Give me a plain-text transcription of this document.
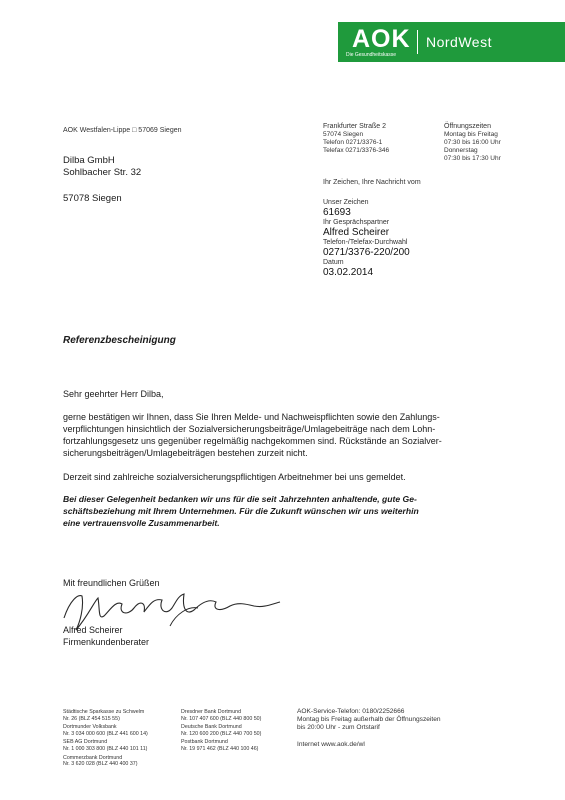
AOK
Die Gesundheitskasse
NordWest
AOK Westfalen-Lippe □ 57069 Siegen
Frankfurter Straße 2
57074 Siegen
Telefon 0271/3376-1
Telefax 0271/3376-346
Öffnungszeiten
Montag bis Freitag
07:30 bis 16:00 Uhr
Donnerstag
07:30 bis 17:30 Uhr
Dilba GmbH
Sohlbacher Str. 32
57078 Siegen
Ihr Zeichen, Ihre Nachricht vom
Unser Zeichen
61693
Ihr Gesprächspartner
Alfred Scheirer
Telefon-/Telefax-Durchwahl
0271/3376-220/200
Datum
03.02.2014
Referenzbescheinigung
Sehr geehrter Herr Dilba,
gerne bestätigen wir Ihnen, dass Sie Ihren Melde- und Nachweispflichten sowie den Zahlungs-
verpflichtungen hinsichtlich der Sozialversicherungsbeiträge/Umlagebeiträge nach dem Lohn-
fortzahlungsgesetz uns gegenüber regelmäßig nachgekommen sind. Rückstände an Sozialver-
sicherungsbeiträgen/Umlagebeiträgen bestehen zurzeit nicht.
Derzeit sind zahlreiche sozialversicherungspflichtigen Arbeitnehmer bei uns gemeldet.
Bei dieser Gelegenheit bedanken wir uns für die seit Jahrzehnten anhaltende, gute Ge-
schäftsbeziehung mit Ihrem Unternehmen. Für die Zukunft wünschen wir uns weiterhin
eine vertrauensvolle Zusammenarbeit.
Mit freundlichen Grüßen
Alfred Scheirer
Firmenkundenberater
Städtische Sparkasse zu Schwelm
Nr. 26 (BLZ 454 515 55)
Dortmunder Volksbank
Nr. 3 034 000 600 (BLZ 441 600 14)
SEB AG Dortmund
Nr. 1 000 303 800 (BLZ 440 101 11)
Commerzbank Dortmund
Nr. 3 620 028 (BLZ 440 400 37)
Dresdner Bank Dortmund
Nr. 107 407 600 (BLZ 440 800 50)
Deutsche Bank Dortmund
Nr. 120 600 200 (BLZ 440 700 50)
Postbank Dortmund
Nr. 19 971 462 (BLZ 440 100 46)
AOK-Service-Telefon: 0180/2252666
Montag bis Freitag außerhalb der Öffnungszeiten
bis 20:00 Uhr - zum Ortstarif
Internet www.aok.de/wl
